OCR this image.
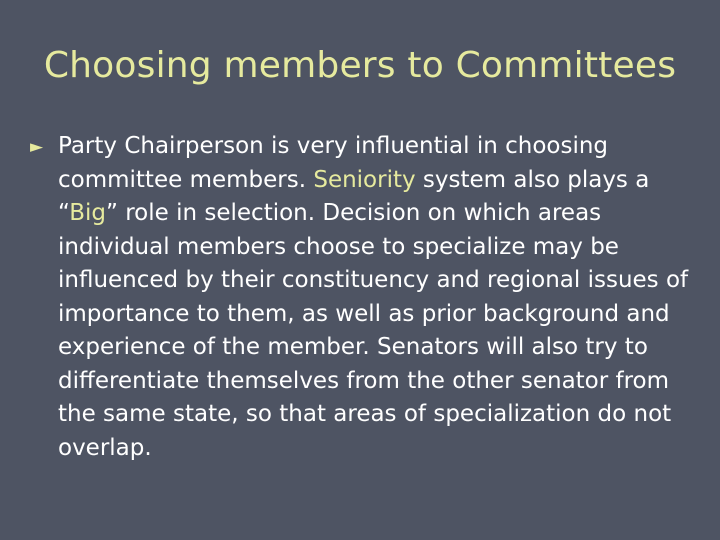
Choosing members to Committees
► Party Chairperson is very influential in choosing committee members. Seniority system also plays a “Big” role in selection. Decision on which areas individual members choose to specialize may be influenced by their constituency and regional issues of importance to them, as well as prior background and experience of the member. Senators will also try to differentiate themselves from the other senator from the same state, so that areas of specialization do not overlap.
